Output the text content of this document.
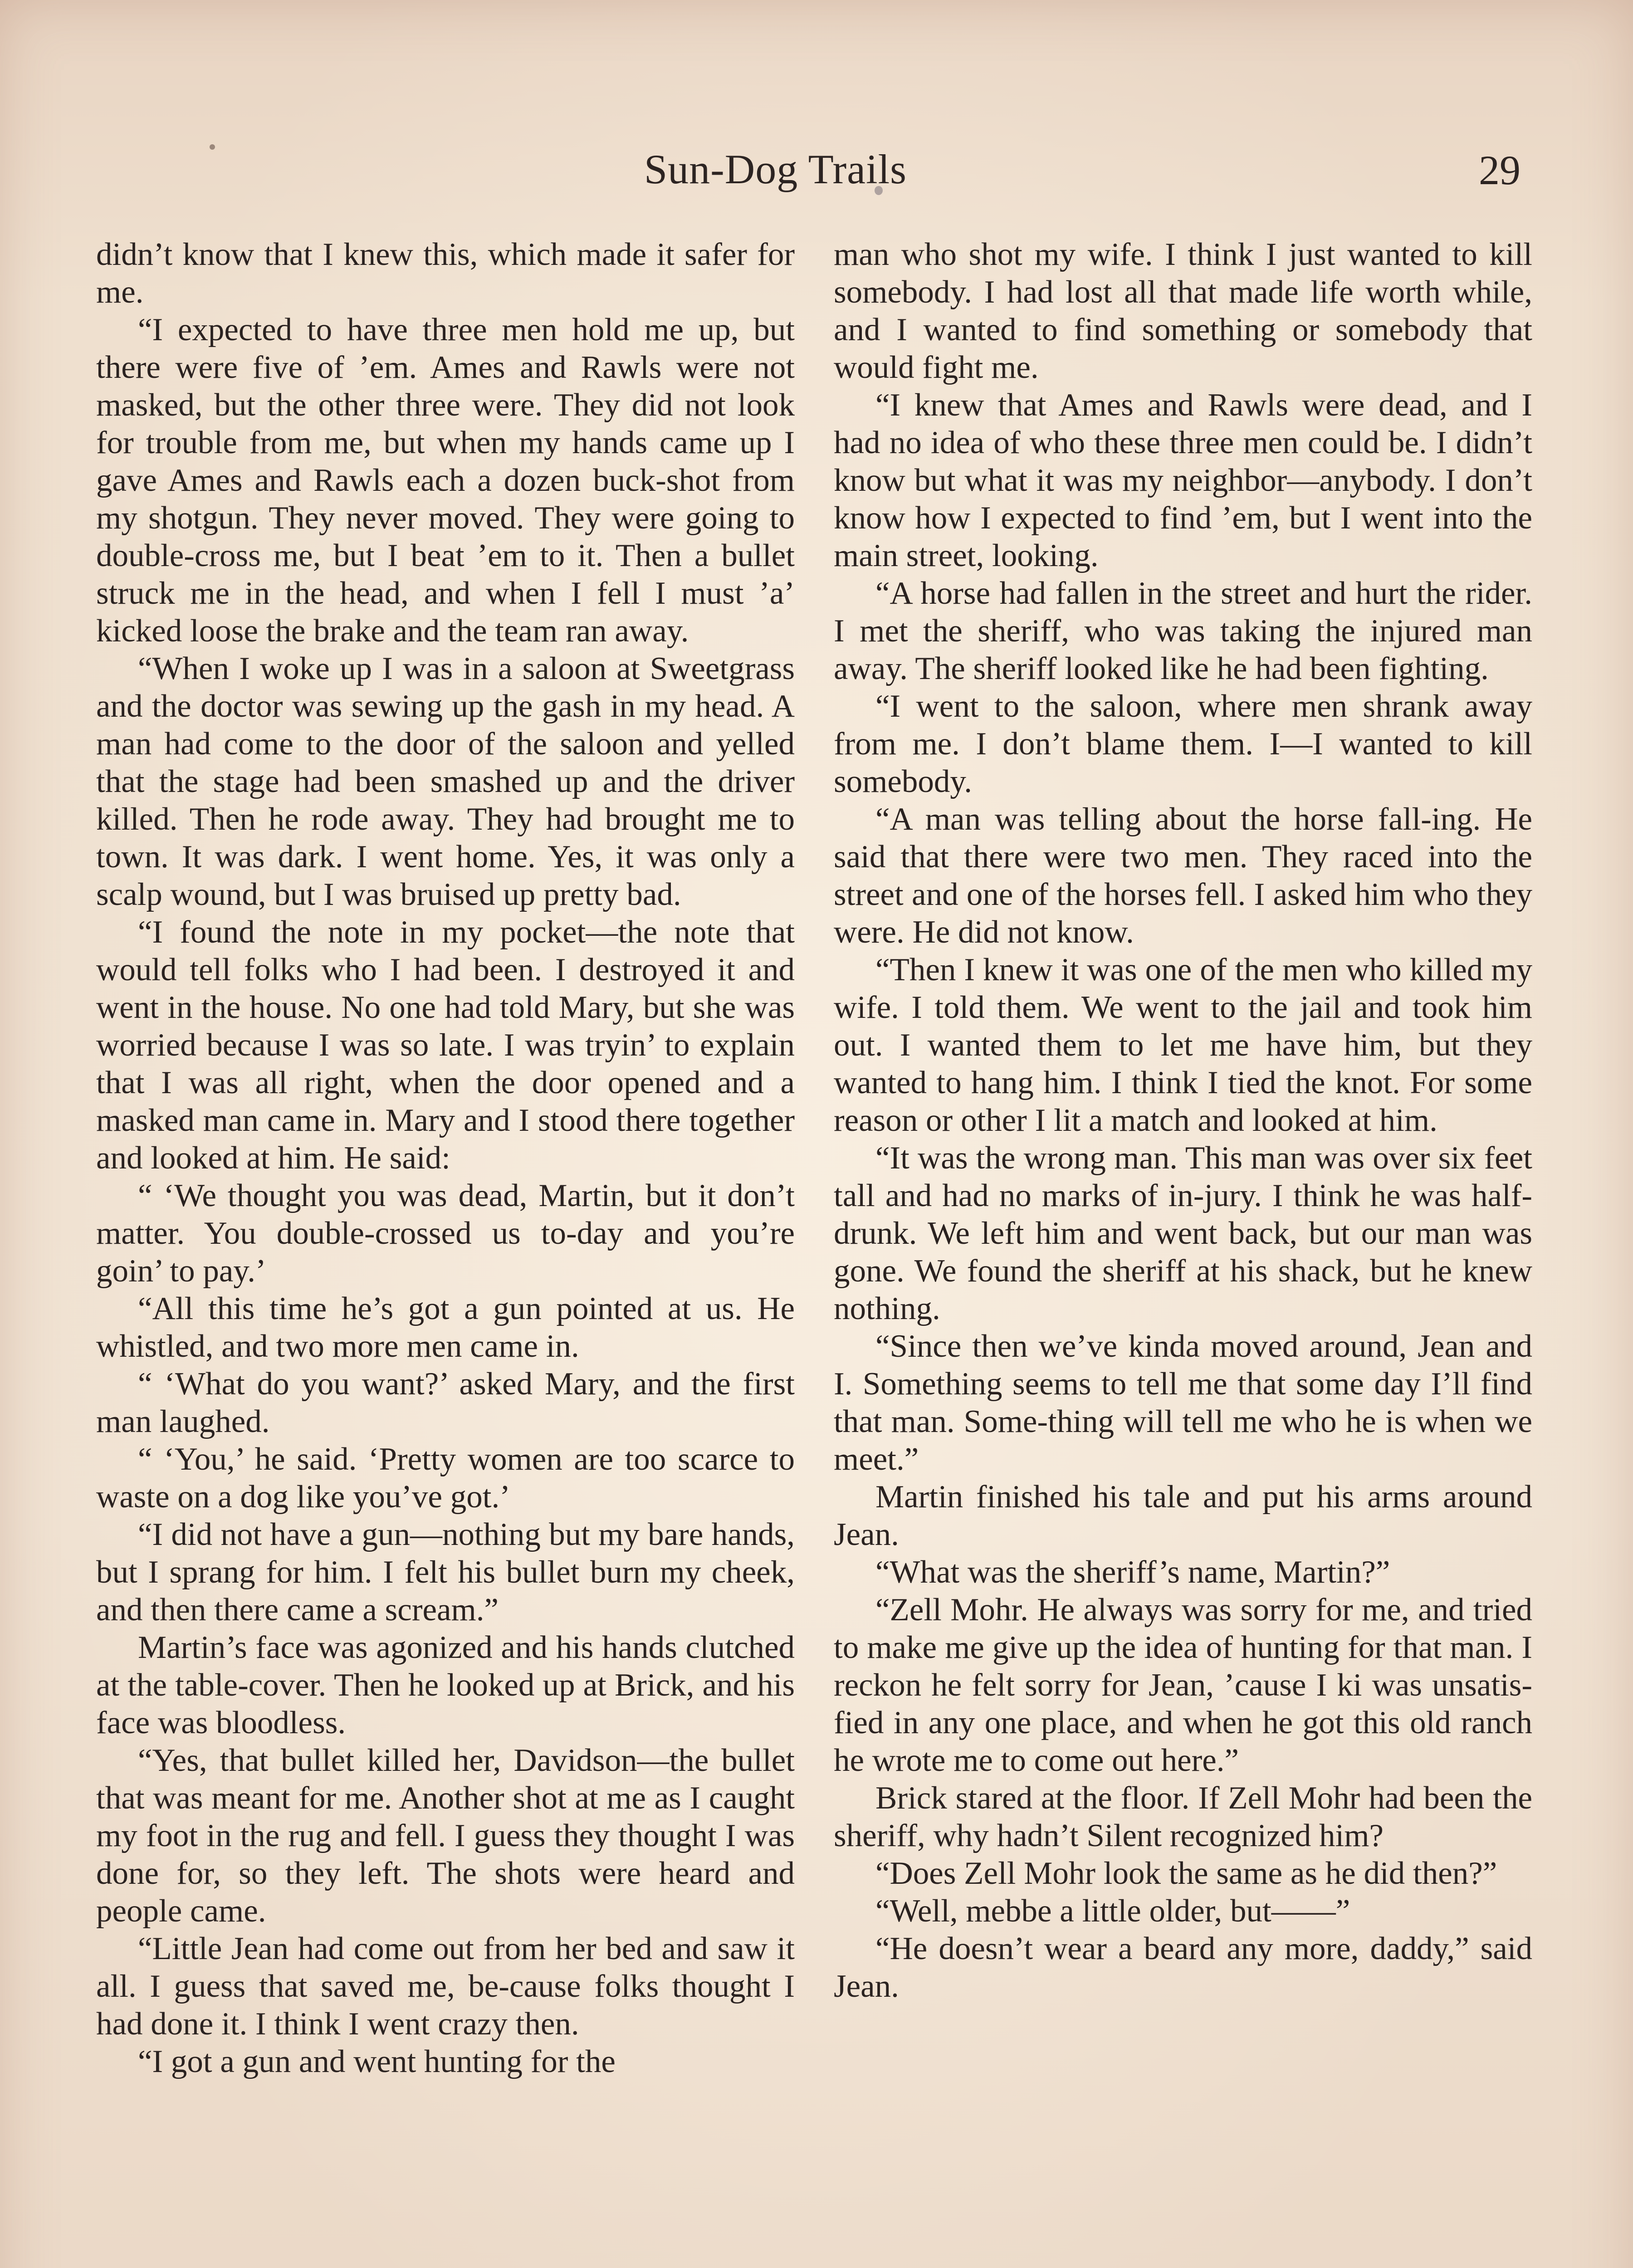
Sun-Dog Trails	29

didn’t know that I knew this, which made it safer for me.

“I expected to have three men hold me up, but there were five of ’em. Ames and Rawls were not masked, but the other three were. They did not look for trouble from me, but when my hands came up I gave Ames and Rawls each a dozen buck-shot from my shotgun. They never moved. They were going to double-cross me, but I beat ’em to it. Then a bullet struck me in the head, and when I fell I must ’a’ kicked loose the brake and the team ran away.

“When I woke up I was in a saloon at Sweetgrass and the doctor was sewing up the gash in my head. A man had come to the door of the saloon and yelled that the stage had been smashed up and the driver killed. Then he rode away. They had brought me to town. It was dark. I went home. Yes, it was only a scalp wound, but I was bruised up pretty bad.

“I found the note in my pocket—the note that would tell folks who I had been. I destroyed it and went in the house. No one had told Mary, but she was worried because I was so late. I was tryin’ to explain that I was all right, when the door opened and a masked man came in. Mary and I stood there together and looked at him. He said:

“ ‘We thought you was dead, Martin, but it don’t matter. You double-crossed us to-day and you’re goin’ to pay.’

“All this time he’s got a gun pointed at us. He whistled, and two more men came in.

“ ‘What do you want?’ asked Mary, and the first man laughed.

“ ‘You,’ he said. ‘Pretty women are too scarce to waste on a dog like you’ve got.’

“I did not have a gun—nothing but my bare hands, but I sprang for him. I felt his bullet burn my cheek, and then there came a scream.”

Martin’s face was agonized and his hands clutched at the table-cover. Then he looked up at Brick, and his face was bloodless.

“Yes, that bullet killed her, Davidson—the bullet that was meant for me. Another shot at me as I caught my foot in the rug and fell. I guess they thought I was done for, so they left. The shots were heard and people came.

“Little Jean had come out from her bed and saw it all. I guess that saved me, be-cause folks thought I had done it. I think I went crazy then.

“I got a gun and went hunting for the

man who shot my wife. I think I just wanted to kill somebody. I had lost all that made life worth while, and I wanted to find something or somebody that would fight me.

“I knew that Ames and Rawls were dead, and I had no idea of who these three men could be. I didn’t know but what it was my neighbor—anybody. I don’t know how I expected to find ’em, but I went into the main street, looking.

“A horse had fallen in the street and hurt the rider. I met the sheriff, who was taking the injured man away. The sheriff looked like he had been fighting.

“I went to the saloon, where men shrank away from me. I don’t blame them. I—I wanted to kill somebody.

“A man was telling about the horse fall-ing. He said that there were two men. They raced into the street and one of the horses fell. I asked him who they were. He did not know.

“Then I knew it was one of the men who killed my wife. I told them. We went to the jail and took him out. I wanted them to let me have him, but they wanted to hang him. I think I tied the knot. For some reason or other I lit a match and looked at him.

“It was the wrong man. This man was over six feet tall and had no marks of in-jury. I think he was half-drunk. We left him and went back, but our man was gone. We found the sheriff at his shack, but he knew nothing.

“Since then we’ve kinda moved around, Jean and I. Something seems to tell me that some day I’ll find that man. Some-thing will tell me who he is when we meet.”

Martin finished his tale and put his arms around Jean.

“What was the sheriff’s name, Martin?”

“Zell Mohr. He always was sorry for me, and tried to make me give up the idea of hunting for that man. I reckon he felt sorry for Jean, ’cause I ki was unsatis-fied in any one place, and when he got this old ranch he wrote me to come out here.”

Brick stared at the floor. If Zell Mohr had been the sheriff, why hadn’t Silent recognized him?

“Does Zell Mohr look the same as he did then?”

“Well, mebbe a little older, but——”

“He doesn’t wear a beard any more, daddy,” said Jean.
